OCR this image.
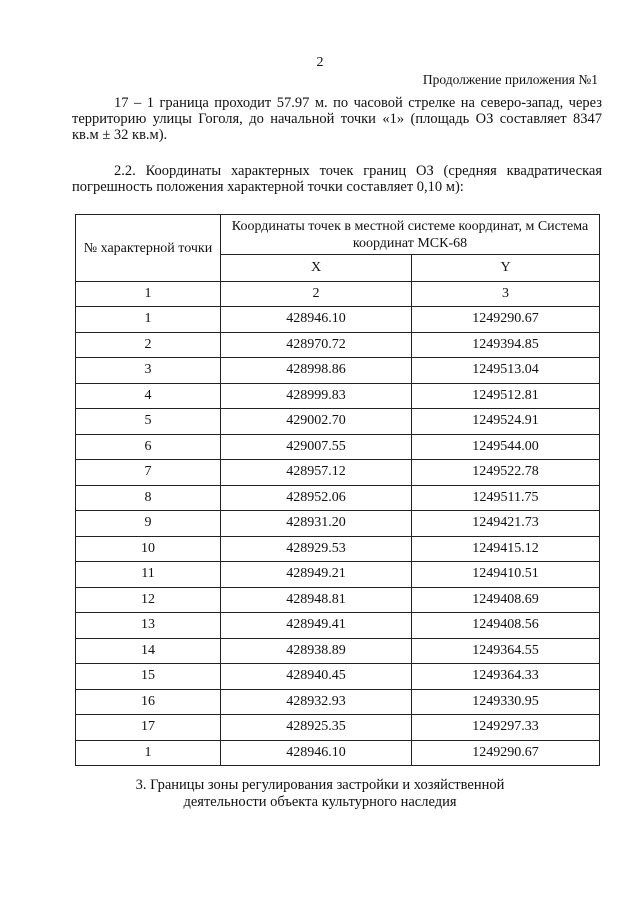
2
Продолжение приложения №1
17 – 1 граница проходит 57.97 м. по часовой стрелке на северо-запад, через территорию улицы Гоголя, до начальной точки «1» (площадь ОЗ составляет 8347 кв.м ± 32 кв.м).
2.2. Координаты характерных точек границ ОЗ (средняя квадратическая погрешность положения характерной точки составляет 0,10 м):
№ характерной точки	Координаты точек в местной системе координат, м Система координат МСК-68	
	X	Y
1	2	3
1	428946.10	1249290.67
2	428970.72	1249394.85
3	428998.86	1249513.04
4	428999.83	1249512.81
5	429002.70	1249524.91
6	429007.55	1249544.00
7	428957.12	1249522.78
8	428952.06	1249511.75
9	428931.20	1249421.73
10	428929.53	1249415.12
11	428949.21	1249410.51
12	428948.81	1249408.69
13	428949.41	1249408.56
14	428938.89	1249364.55
15	428940.45	1249364.33
16	428932.93	1249330.95
17	428925.35	1249297.33
1	428946.10	1249290.67
3. Границы зоны регулирования застройки и хозяйственной
деятельности объекта культурного наследия
